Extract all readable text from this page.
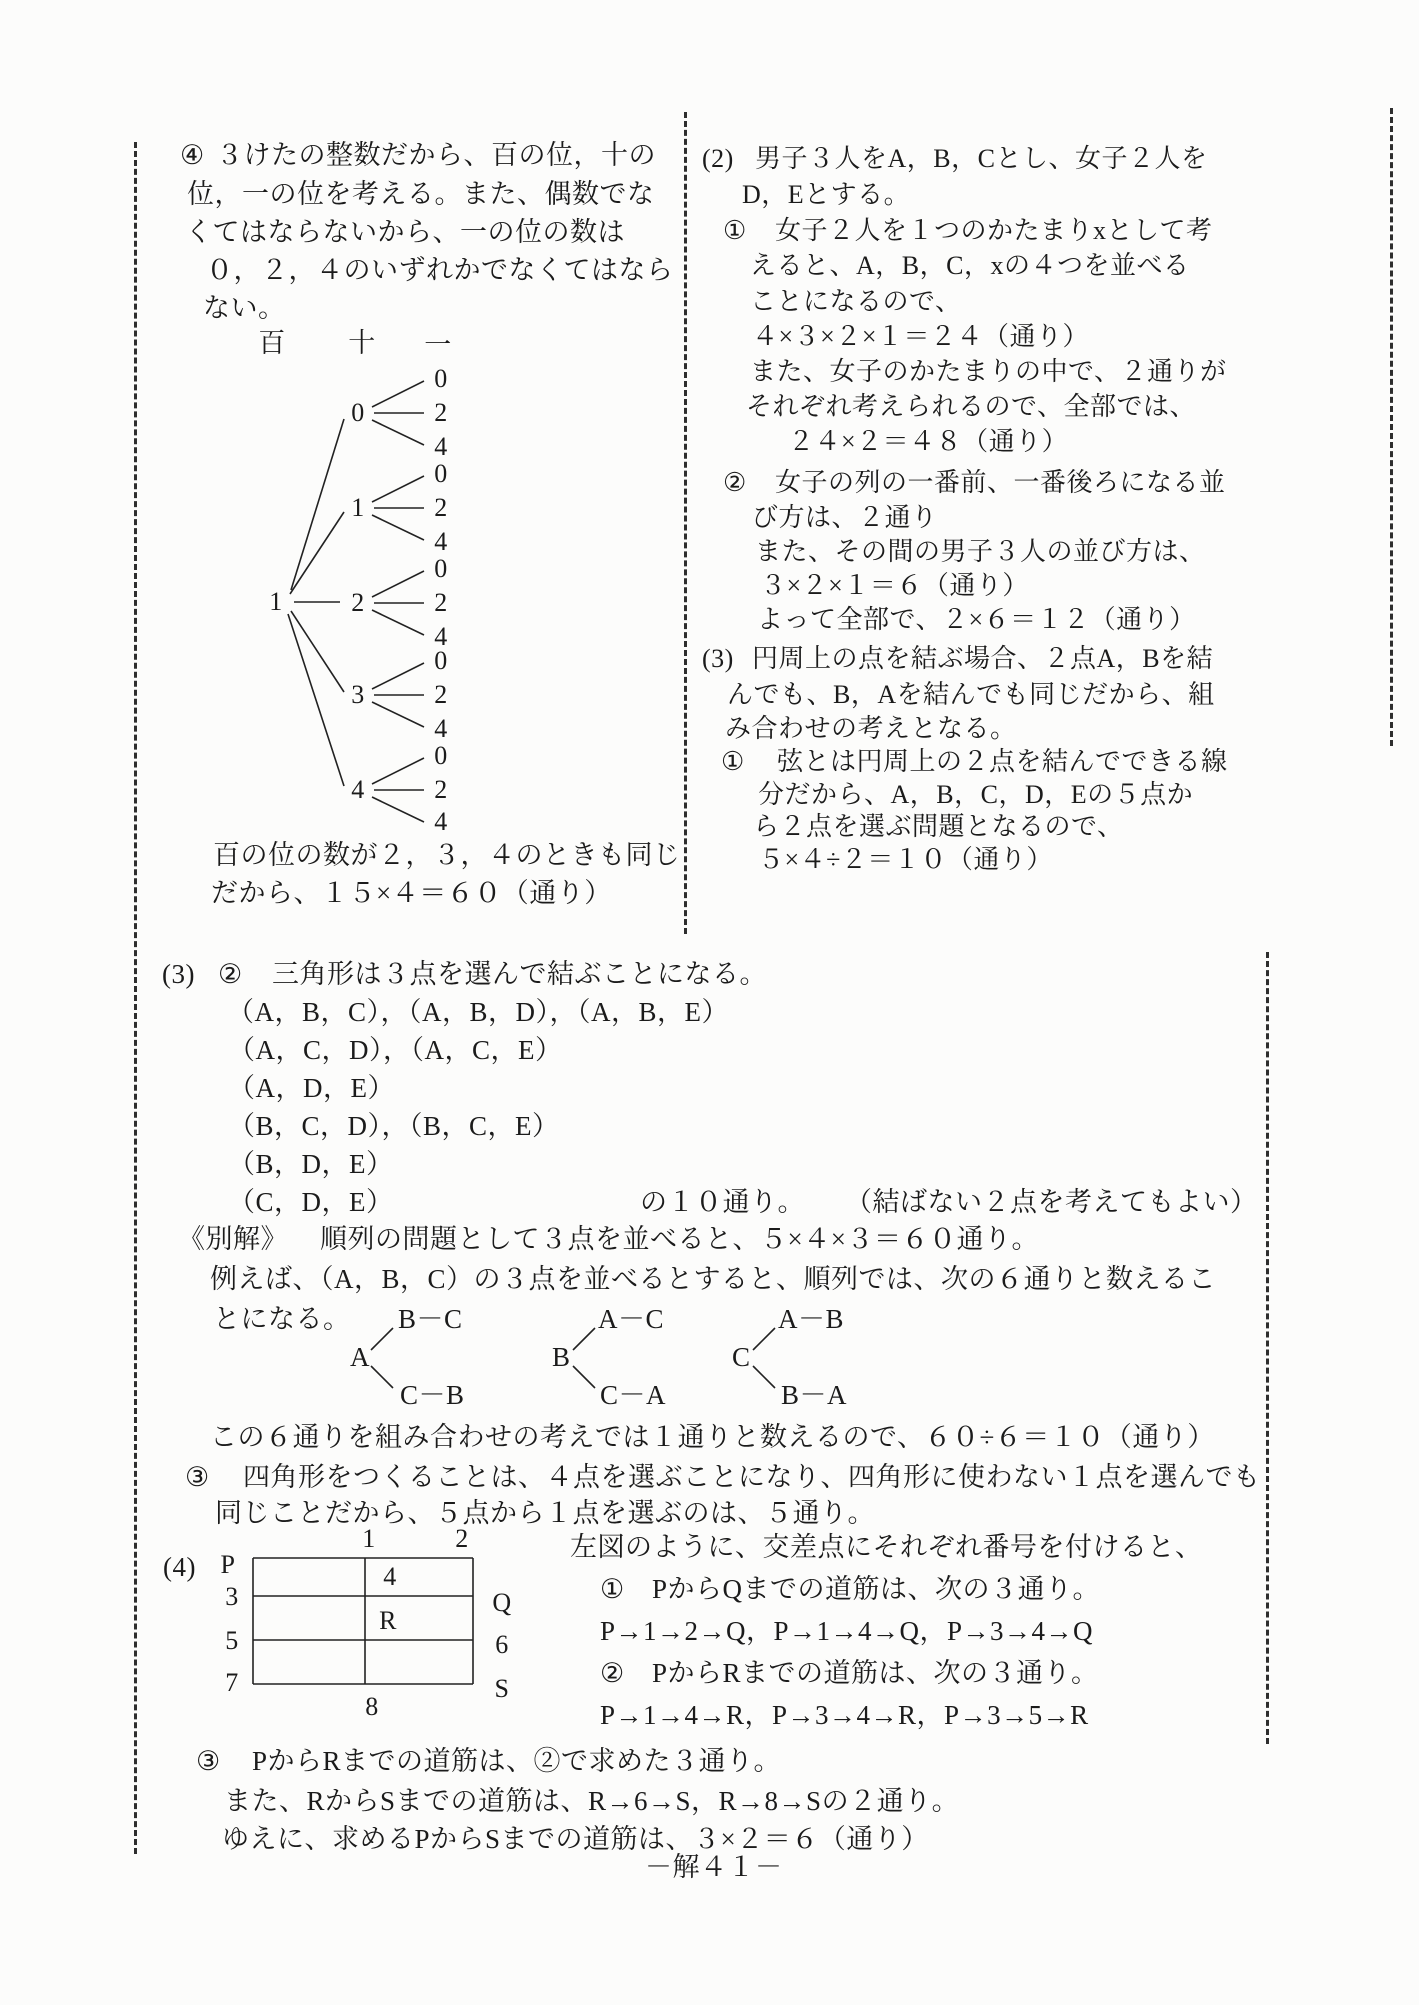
④ ３けたの整数だから、百の位，十の
位，一の位を考える。また、偶数でな
くてはならないから、一の位の数は
０，２，４のいずれかでなくてはなら
ない。
百 十 一
1
0
1
2
3
4
0
2
4
0
2
4
0
2
4
0
2
4
0
2
4
百の位の数が２，３，４のときも同じ
だから、１５×４＝６０（通り）
(2) 男子３人をA，B，Cとし、女子２人を
D，Eとする。
① 女子２人を１つのかたまりxとして考
えると、A，B，C，xの４つを並べる
ことになるので、
４×３×２×１＝２４（通り）
また、女子のかたまりの中で、２通りが
それぞれ考えられるので、全部では、
２４×２＝４８（通り）
② 女子の列の一番前、一番後ろになる並
び方は、２通り
また、その間の男子３人の並び方は、
３×２×１＝６（通り）
よって全部で、２×６＝１２（通り）
(3) 円周上の点を結ぶ場合、２点A，Bを結
んでも、B，Aを結んでも同じだから、組
み合わせの考えとなる。
① 弦とは円周上の２点を結んでできる線
分だから、A，B，C，D，Eの５点か
ら２点を選ぶ問題となるので、
５×４÷２＝１０（通り）
(3) ② 三角形は３点を選んで結ぶことになる。
（A，B，C），（A，B，D），（A，B，E）
（A，C，D），（A，C，E）
（A，D，E）
（B，C，D），（B，C，E）
（B，D，E）
（C，D，E）	の１０通り。 （結ばない２点を考えてもよい）
《別解》 順列の問題として３点を並べると、５×４×３＝６０通り。
例えば、（A，B，C）の３点を並べるとすると、順列では、次の６通りと数えるこ
とになる。
A
B－C
C－B
B
A－C
C－A
C
A－B
B－A
この６通りを組み合わせの考えでは１通りと数えるので、６０÷６＝１０（通り）
③ 四角形をつくることは、４点を選ぶことになり、四角形に使わない１点を選んでも
同じことだから、５点から１点を選ぶのは、５通り。
(4)
1	2
P
3
5
7
Q
6
S
4
R
8
左図のように、交差点にそれぞれ番号を付けると、
① PからQまでの道筋は、次の３通り。
P→1→2→Q，P→1→4→Q，P→3→4→Q
② PからRまでの道筋は、次の３通り。
P→1→4→R，P→3→4→R，P→3→5→R
③ PからRまでの道筋は、②で求めた３通り。
また、RからSまでの道筋は、R→6→S，R→8→Sの２通り。
ゆえに、求めるPからSまでの道筋は、３×２＝６（通り）
－解４１－
